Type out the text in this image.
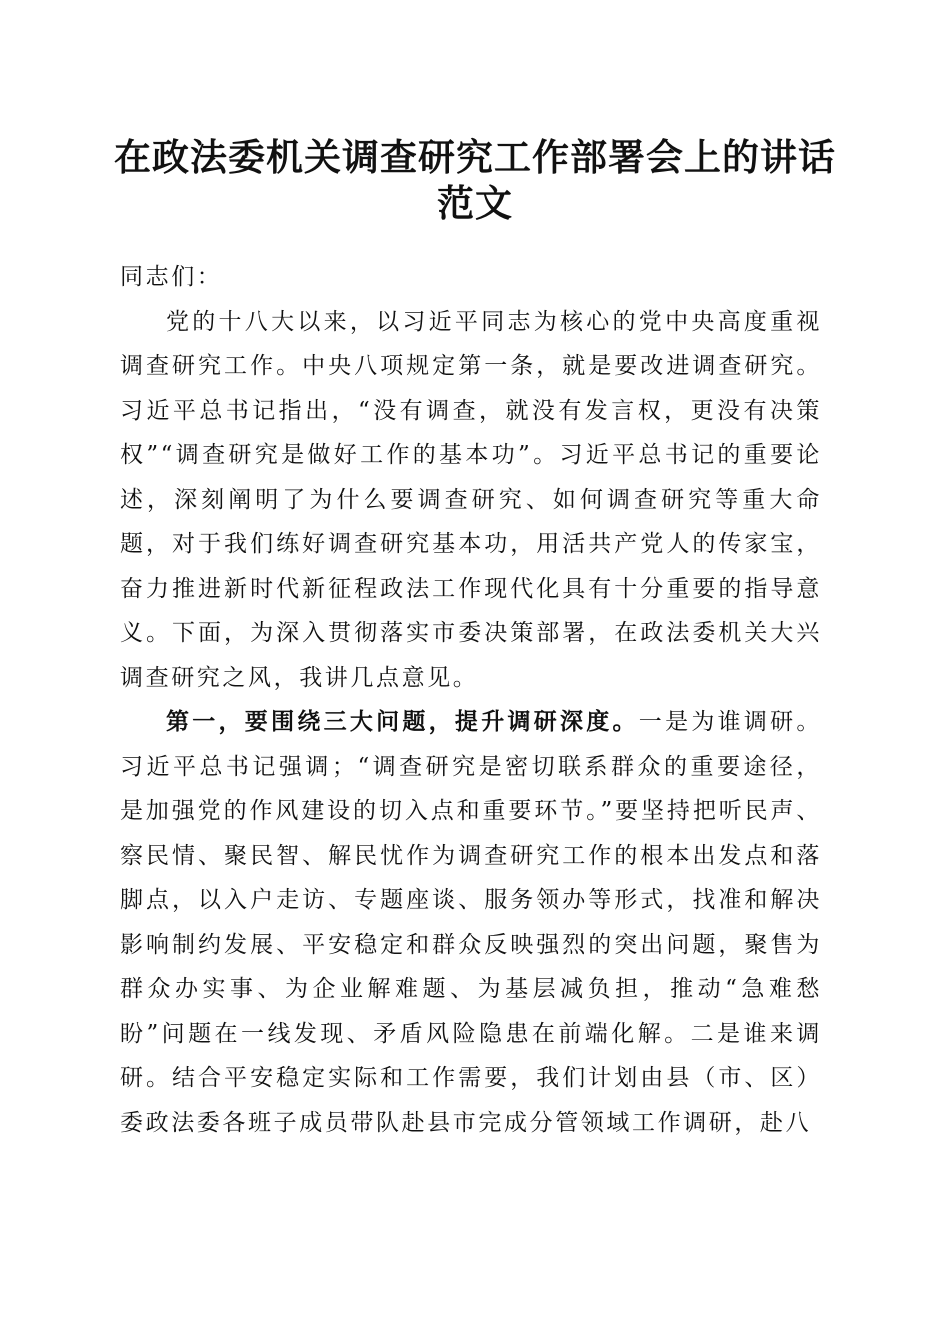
在政法委机关调查研究工作部署会上的讲话范文

同志们：

党的十八大以来，以习近平同志为核心的党中央高度重视调查研究工作。中央八项规定第一条，就是要改进调查研究。习近平总书记指出，“没有调查，就没有发言权，更没有决策权”“调查研究是做好工作的基本功”。习近平总书记的重要论述，深刻阐明了为什么要调查研究、如何调查研究等重大命题，对于我们练好调查研究基本功，用活共产党人的传家宝，奋力推进新时代新征程政法工作现代化具有十分重要的指导意义。下面，为深入贯彻落实市委决策部署，在政法委机关大兴调查研究之风，我讲几点意见。

第一，要围绕三大问题，提升调研深度。一是为谁调研。习近平总书记强调；“调查研究是密切联系群众的重要途径，是加强党的作风建设的切入点和重要环节。”要坚持把听民声、察民情、聚民智、解民忧作为调查研究工作的根本出发点和落脚点，以入户走访、专题座谈、服务领办等形式，找准和解决影响制约发展、平安稳定和群众反映强烈的突出问题，聚售为群众办实事、为企业解难题、为基层减负担，推动“急难愁盼”问题在一线发现、矛盾风险隐患在前端化解。二是谁来调研。结合平安稳定实际和工作需要，我们计划由县（市、区）委政法委各班子成员带队赴县市完成分管领域工作调研，赴八
